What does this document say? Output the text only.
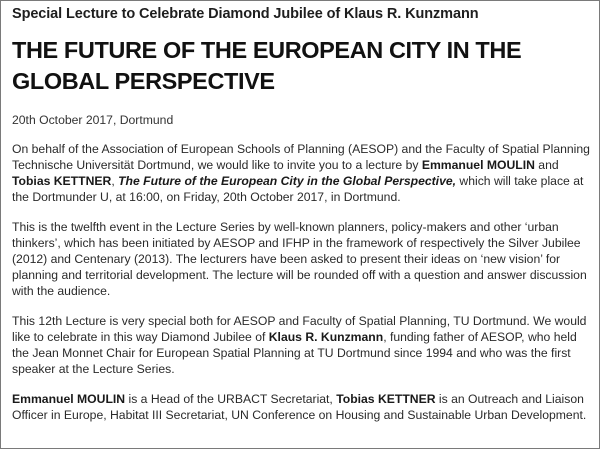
Special Lecture to Celebrate Diamond Jubilee of Klaus R. Kunzmann
THE FUTURE OF THE EUROPEAN CITY IN THE GLOBAL PERSPECTIVE

20th October 2017, Dortmund

On behalf of the Association of European Schools of Planning (AESOP) and the Faculty of Spatial Planning Technische Universität Dortmund, we would like to invite you to a lecture by Emmanuel MOULIN and Tobias KETTNER, The Future of the European City in the Global Perspective, which will take place at the Dortmunder U, at 16:00, on Friday, 20th October 2017, in Dortmund.

This is the twelfth event in the Lecture Series by well-known planners, policy-makers and other ‘urban thinkers’, which has been initiated by AESOP and IFHP in the framework of respectively the Silver Jubilee (2012) and Centenary (2013). The lecturers have been asked to present their ideas on ‘new vision’ for planning and territorial development. The lecture will be rounded off with a question and answer discussion with the audience.

This 12th Lecture is very special both for AESOP and Faculty of Spatial Planning, TU Dortmund. We would like to celebrate in this way Diamond Jubilee of Klaus R. Kunzmann, funding father of AESOP, who held the Jean Monnet Chair for European Spatial Planning at TU Dortmund since 1994 and who was the first speaker at the Lecture Series.

Emmanuel MOULIN is a Head of the URBACT Secretariat, Tobias KETTNER is an Outreach and Liaison Officer in Europe, Habitat III Secretariat, UN Conference on Housing and Sustainable Urban Development.
